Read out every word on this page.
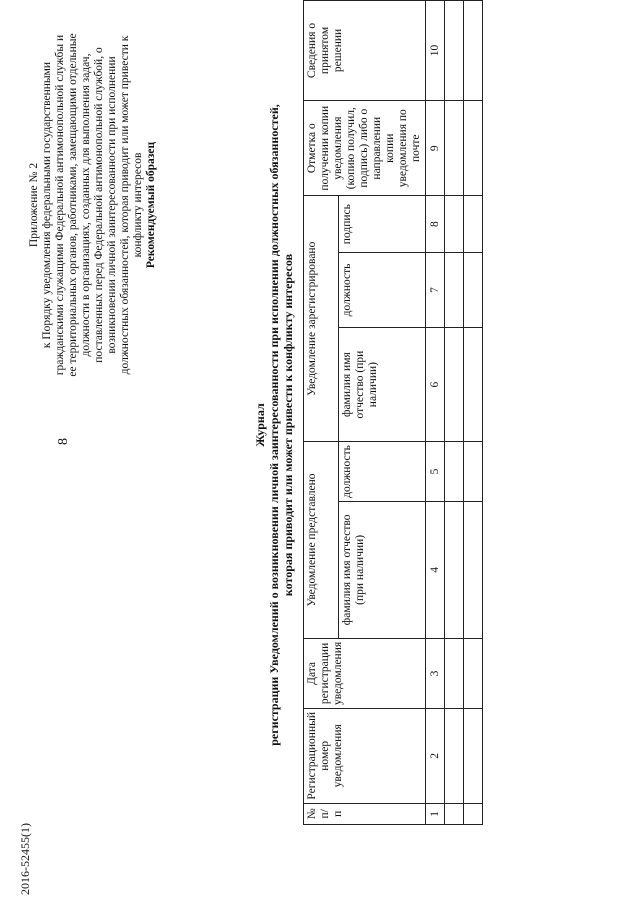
8
2016-52455(1)
Приложение № 2 к Порядку уведомления федеральными государственными гражданскими служащими Федеральной антимонопольной службы и ее территориальных органов, работниками, замещающими отдельные должности в организациях, созданных для выполнения задач, поставленных перед Федеральной антимонопольной службой, о возникновении личной заинтересованности при исполнении должностных обязанностей, которая приводит или может привести к конфликту интересов Рекомендуемый образец
Журнал регистрации Уведомлений о возникновении личной заинтересованности при исполнении должностных обязанностей, которая приводит или может привести к конфликту интересов
№ п/п	Регистрационный номер уведомления	Дата регистрации уведомления	Уведомление представлено		Уведомление зарегистрировано			Отметка о получении копии уведомления (копию получил, подпись) либо о направлении копии уведомления по почте	Сведения о принятом решении
			фамилия имя отчество (при наличии)	должность	фамилия имя отчество (при наличии)	должность	подпись		
1	2	3	4	5	6	7	8	9	10
